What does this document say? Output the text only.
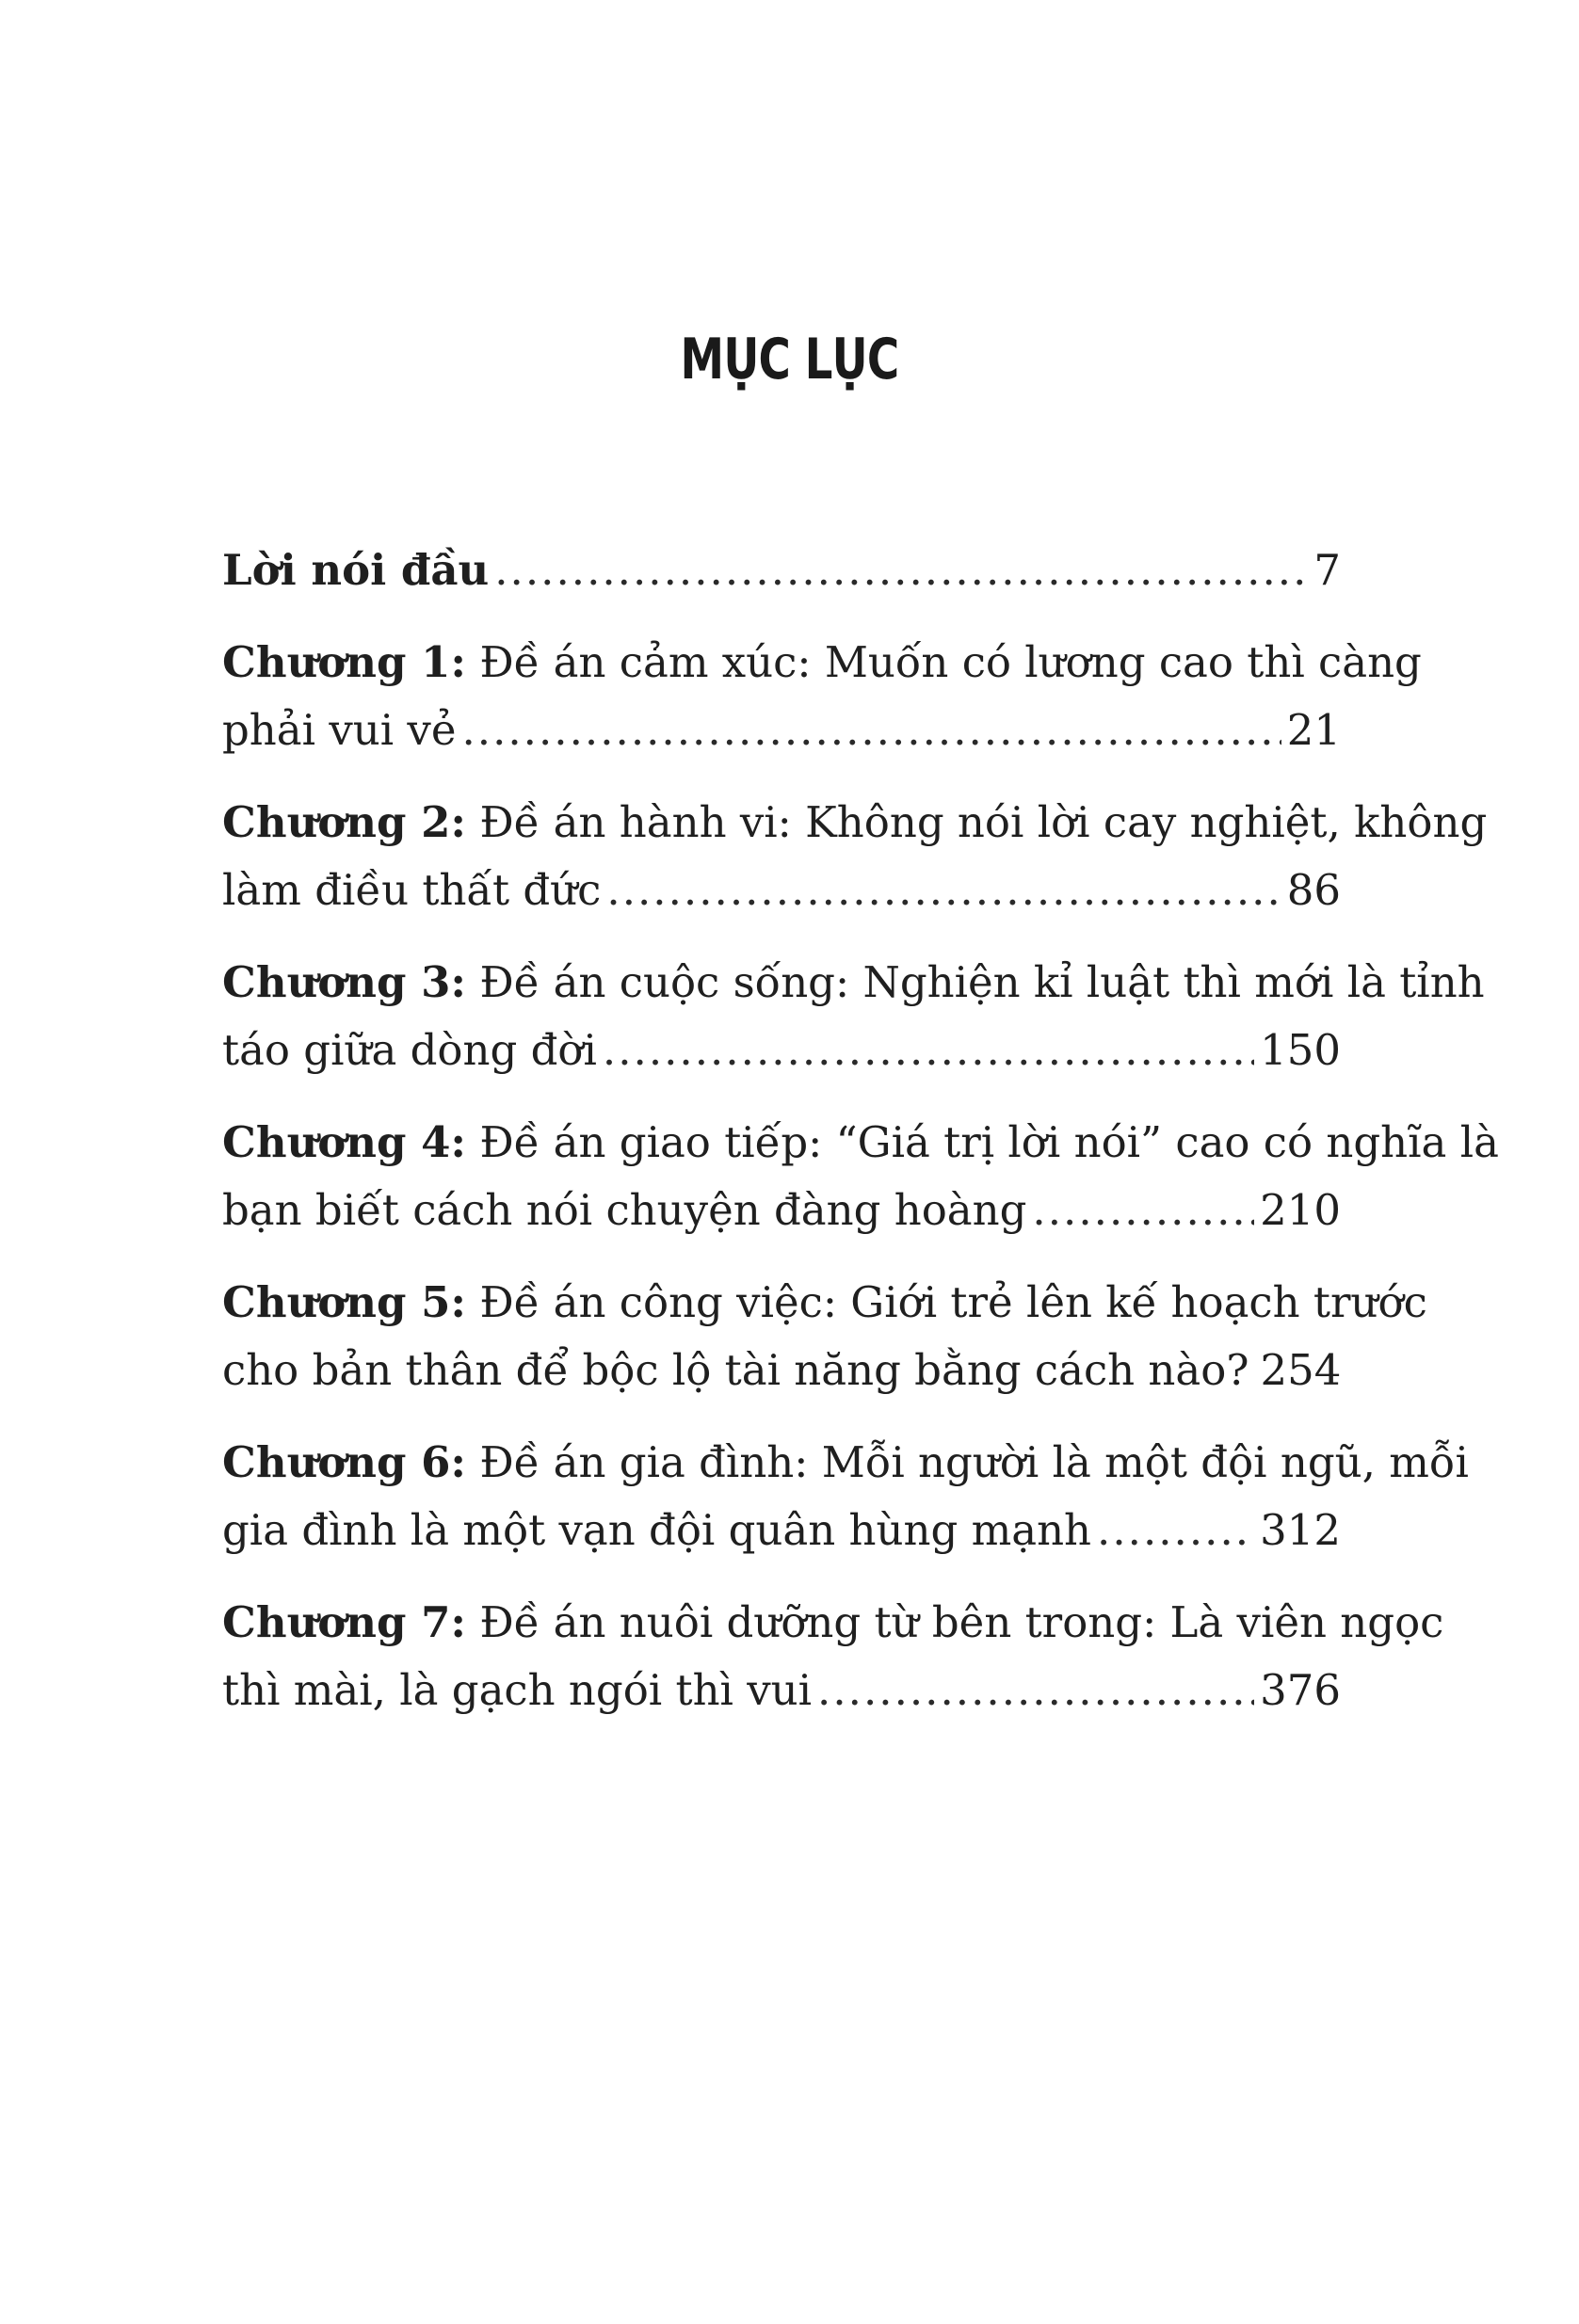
MỤC LỤC
Lời nói đầu .....	7
Chương 1: Đề án cảm xúc: Muốn có lương cao thì càng
phải vui vẻ .....	21
Chương 2: Đề án hành vi: Không nói lời cay nghiệt, không
làm điều thất đức .....	86
Chương 3: Đề án cuộc sống: Nghiện kỉ luật thì mới là tỉnh
táo giữa dòng đời .....	150
Chương 4: Đề án giao tiếp: “Giá trị lời nói” cao có nghĩa là
bạn biết cách nói chuyện đàng hoàng .....	210
Chương 5: Đề án công việc: Giới trẻ lên kế hoạch trước
cho bản thân để bộc lộ tài năng bằng cách nào? 254
Chương 6: Đề án gia đình: Mỗi người là một đội ngũ, mỗi
gia đình là một vạn đội quân hùng mạnh .....	312
Chương 7: Đề án nuôi dưỡng từ bên trong: Là viên ngọc
thì mài, là gạch ngói thì vui .....	376
